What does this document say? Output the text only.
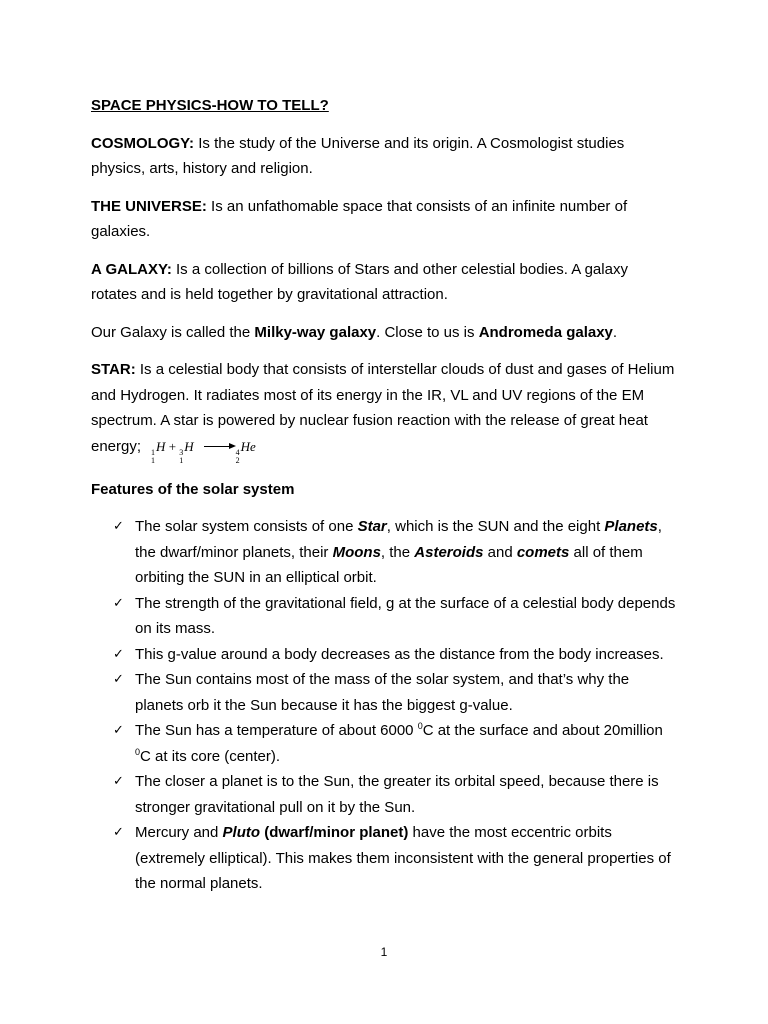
SPACE PHYSICS-HOW TO TELL?

COSMOLOGY: Is the study of the Universe and its origin. A Cosmologist studies physics, arts, history and religion.

THE UNIVERSE: Is an unfathomable space that consists of an infinite number of galaxies.

A GALAXY: Is a collection of billions of Stars and other celestial bodies. A galaxy rotates and is held together by gravitational attraction.

Our Galaxy is called the Milky-way galaxy. Close to us is Andromeda galaxy.

STAR: Is a celestial body that consists of interstellar clouds of dust and gases of Helium and Hydrogen. It radiates most of its energy in the IR, VL and UV regions of the EM spectrum. A star is powered by nuclear fusion reaction with the release of great heat energy; 1
1
H + 3
1
H	4
2
He

Features of the solar system

✓ The solar system consists of one Star, which is the SUN and the eight Planets, the dwarf/minor planets, their Moons, the Asteroids and comets all of them orbiting the SUN in an elliptical orbit.
✓ The strength of the gravitational field, g at the surface of a celestial body depends on its mass.
✓ This g-value around a body decreases as the distance from the body increases.
✓ The Sun contains most of the mass of the solar system, and that’s why the planets orb it the Sun because it has the biggest g-value.
✓ The Sun has a temperature of about 6000 $^0$C at the surface and about 20million $^0$C at its core (center).
✓ The closer a planet is to the Sun, the greater its orbital speed, because there is stronger gravitational pull on it by the Sun.
✓ Mercury and Pluto (dwarf/minor planet) have the most eccentric orbits (extremely elliptical). This makes them inconsistent with the general properties of the normal planets.
1
